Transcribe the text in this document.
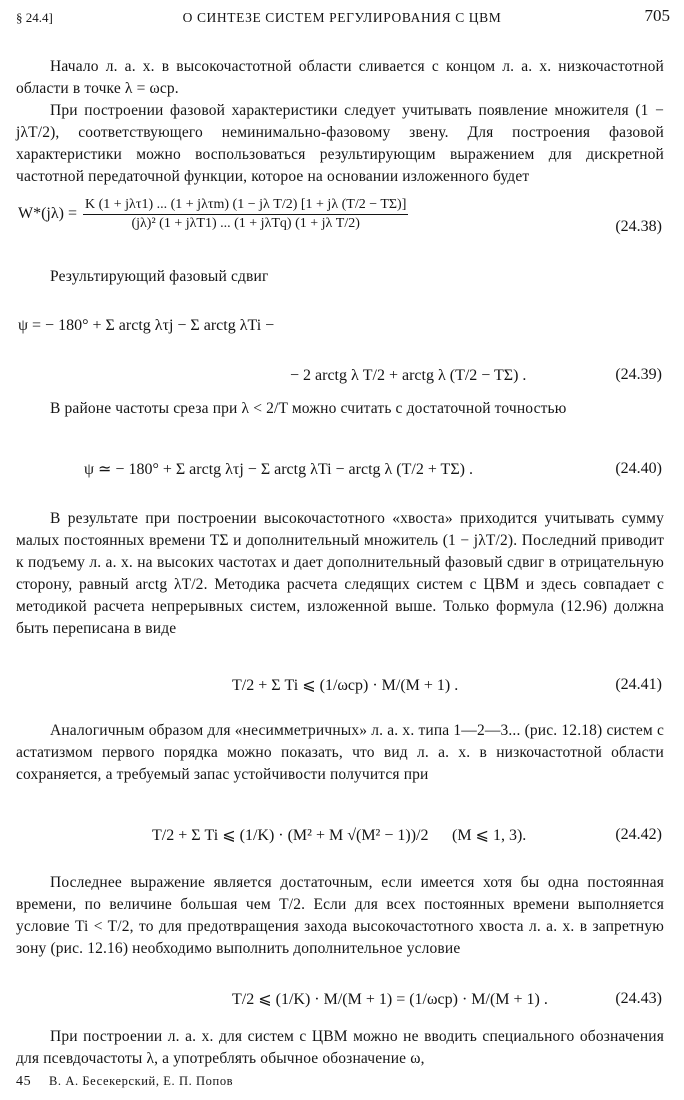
§ 24.4]	О СИНТЕЗЕ СИСТЕМ РЕГУЛИРОВАНИЯ С ЦВМ	705
Начало л. а. х. в высокочастотной области сливается с концом л. а. х. низкочастотной области в точке λ = ωср.
При построении фазовой характеристики следует учитывать появление множителя (1 − jλT/2), соответствующего неминимально-фазовому звену. Для построения фазовой характеристики можно воспользоваться результирующим выражением для дискретной частотной передаточной функции, которое на основании изложенного будет
$W*(j\lambda) = \frac{\text{K (1 + jλτ1) ... (1 + jλτm) (1 − jλ T/2) [1 + jλ (T/2 − TΣ)]}}{\text{(jλ)² (1 + jλT1) ... (1 + jλTq) (1 + jλ T/2)}}$	(24.38)
Результирующий фазовый сдвиг
ψ = − 180° + Σ arctg λτj − Σ arctg λTi −
− 2 arctg λ T/2 + arctg λ (T/2 − TΣ) .	(24.39)
В районе частоты среза при λ < 2/T можно считать с достаточной точностью
ψ ≃ − 180° + Σ arctg λτj − Σ arctg λTi − arctg λ (T/2 + TΣ) .	(24.40)
В результате при построении высокочастотного «хвоста» приходится учитывать сумму малых постоянных времени TΣ и дополнительный множитель (1 − jλT/2). Последний приводит к подъему л. а. х. на высоких частотах и дает дополнительный фазовый сдвиг в отрицательную сторону, равный arctg λT/2. Методика расчета следящих систем с ЦВМ и здесь совпадает с методикой расчета непрерывных систем, изложенной выше. Только формула (12.96) должна быть переписана в виде
T/2 + Σ Ti ⩽ (1/ωср) · M/(M + 1) .	(24.41)
Аналогичным образом для «несимметричных» л. а. х. типа 1—2—3... (рис. 12.18) систем с астатизмом первого порядка можно показать, что вид л. а. х. в низкочастотной области сохраняется, а требуемый запас устойчивости получится при
T/2 + Σ Ti ⩽ (1/K) · (M² + M √(M² − 1))/2 (M ⩽ 1, 3).	(24.42)
Последнее выражение является достаточным, если имеется хотя бы одна постоянная времени, по величине большая чем T/2. Если для всех постоянных времени выполняется условие Ti < T/2, то для предотвращения захода высокочастотного хвоста л. а. х. в запретную зону (рис. 12.16) необходимо выполнить дополнительное условие
T/2 ⩽ (1/K) · M/(M + 1) = (1/ωср) · M/(M + 1) .	(24.43)
При построении л. а. х. для систем с ЦВМ можно не вводить специального обозначения для псевдочастоты λ, а употреблять обычное обозначение ω,
45 В. А. Бесекерский, Е. П. Попов
